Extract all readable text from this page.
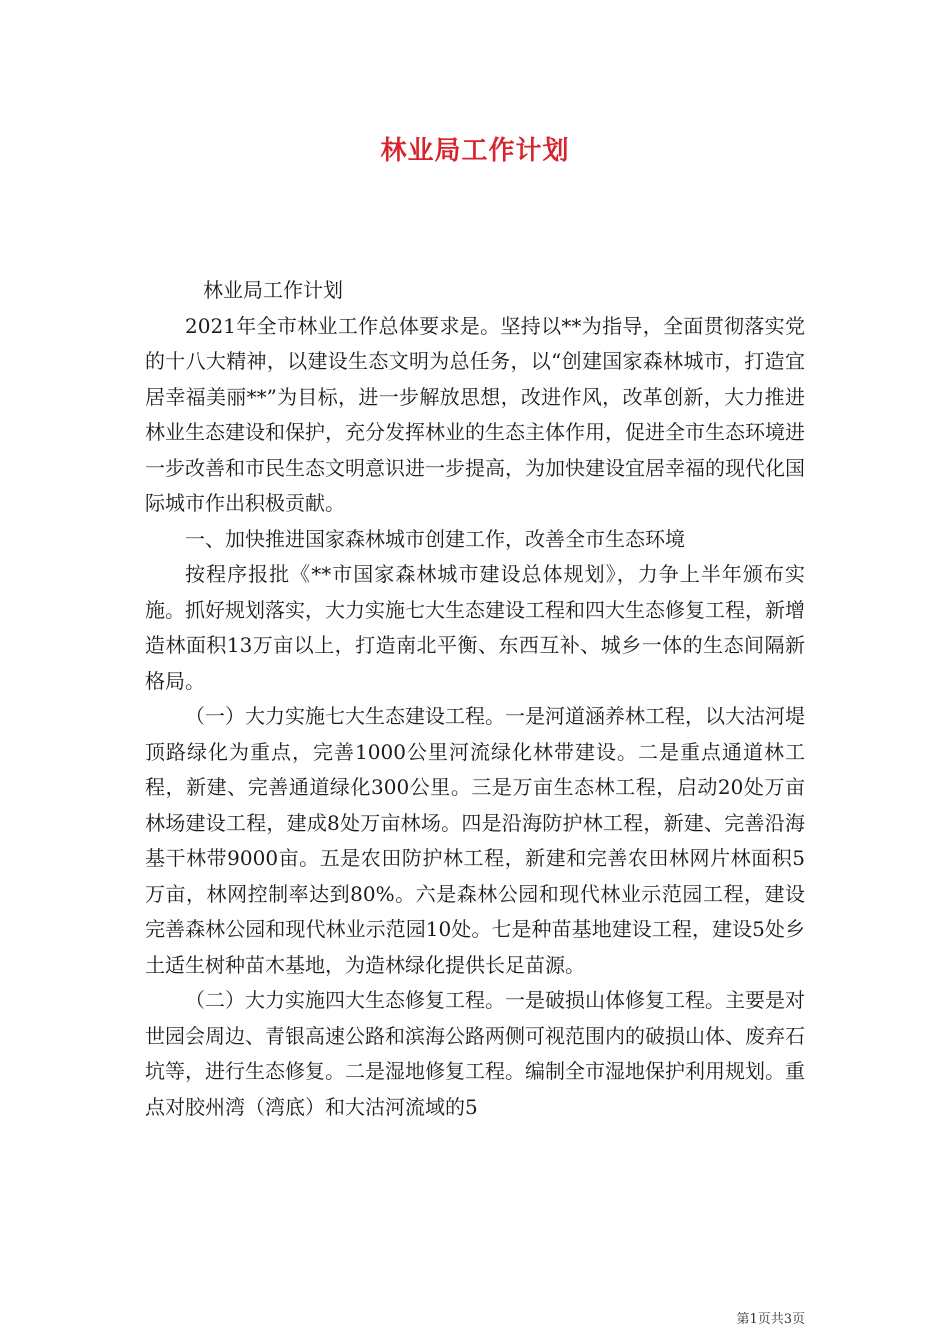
林业局工作计划

林业局工作计划

2021年全市林业工作总体要求是。坚持以**为指导，全面贯彻落实党的十八大精神，以建设生态文明为总任务，以“创建国家森林城市，打造宜居幸福美丽**”为目标，进一步解放思想，改进作风，改革创新，大力推进林业生态建设和保护，充分发挥林业的生态主体作用，促进全市生态环境进一步改善和市民生态文明意识进一步提高，为加快建设宜居幸福的现代化国际城市作出积极贡献。

一、加快推进国家森林城市创建工作，改善全市生态环境

按程序报批《**市国家森林城市建设总体规划》，力争上半年颁布实施。抓好规划落实，大力实施七大生态建设工程和四大生态修复工程，新增造林面积13万亩以上，打造南北平衡、东西互补、城乡一体的生态间隔新格局。

（一）大力实施七大生态建设工程。一是河道涵养林工程，以大沽河堤顶路绿化为重点，完善1000公里河流绿化林带建设。二是重点通道林工程，新建、完善通道绿化300公里。三是万亩生态林工程，启动20处万亩林场建设工程，建成8处万亩林场。四是沿海防护林工程，新建、完善沿海基干林带9000亩。五是农田防护林工程，新建和完善农田林网片林面积5万亩，林网控制率达到80%。六是森林公园和现代林业示范园工程，建设完善森林公园和现代林业示范园10处。七是种苗基地建设工程，建设5处乡土适生树种苗木基地，为造林绿化提供长足苗源。

（二）大力实施四大生态修复工程。一是破损山体修复工程。主要是对世园会周边、青银高速公路和滨海公路两侧可视范围内的破损山体、废弃石坑等，进行生态修复。二是湿地修复工程。编制全市湿地保护利用规划。重点对胶州湾（湾底）和大沽河流域的5

第1页共3页
